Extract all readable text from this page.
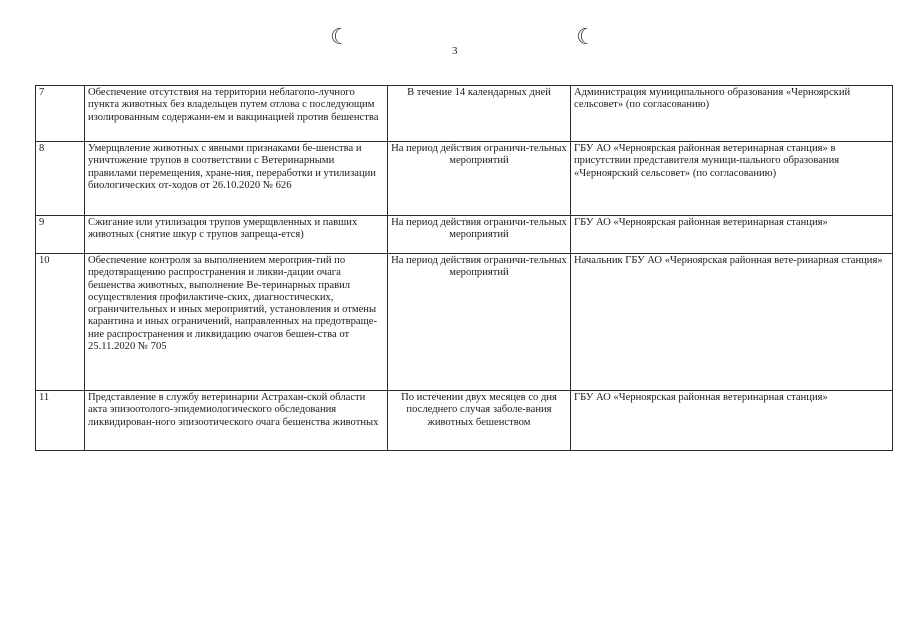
☾
3
☾
7	Обеспечение отсутствия на территории неблагопо-лучного пункта животных без владельцев путем отлова с последующим изолированным содержани-ем и вакцинацией против бешенства	В течение 14 календарных дней	Администрация муниципального образования «Черноярский сельсовет» (по согласованию)
8	Умерщвление животных с явными признаками бе-шенства и уничтожение трупов в соответствии с Ветеринарными правилами перемещения, хране-ния, переработки и утилизации биологических от-ходов от 26.10.2020 № 626	На период действия ограничи-тельных мероприятий	ГБУ АО «Черноярская районная ветеринарная станция» в присутствии представителя муници-пального образования «Черноярский сельсовет» (по согласованию)
9	Сжигание или утилизация трупов умерщвленных и павших животных (снятие шкур с трупов запреща-ется)	На период действия ограничи-тельных мероприятий	ГБУ АО «Черноярская районная ветеринарная станция»
10	Обеспечение контроля за выполнением мероприя-тий по предотвращению распространения и ликви-дации очага бешенства животных, выполнение Ве-теринарных правил осуществления профилактиче-ских, диагностических, ограничительных и иных мероприятий, установления и отмены карантина и иных ограничений, направленных на предотвраще-ние распространения и ликвидацию очагов бешен-ства от 25.11.2020 № 705	На период действия ограничи-тельных мероприятий	Начальник ГБУ АО «Черноярская районная вете-ринарная станция»
11	Представление в службу ветеринарии Астрахан-ской области акта эпизоотолого-эпидемиологического обследования ликвидирован-ного эпизоотического очага бешенства животных	По истечении двух месяцев со дня последнего случая заболе-вания животных бешенством	ГБУ АО «Черноярская районная ветеринарная станция»
